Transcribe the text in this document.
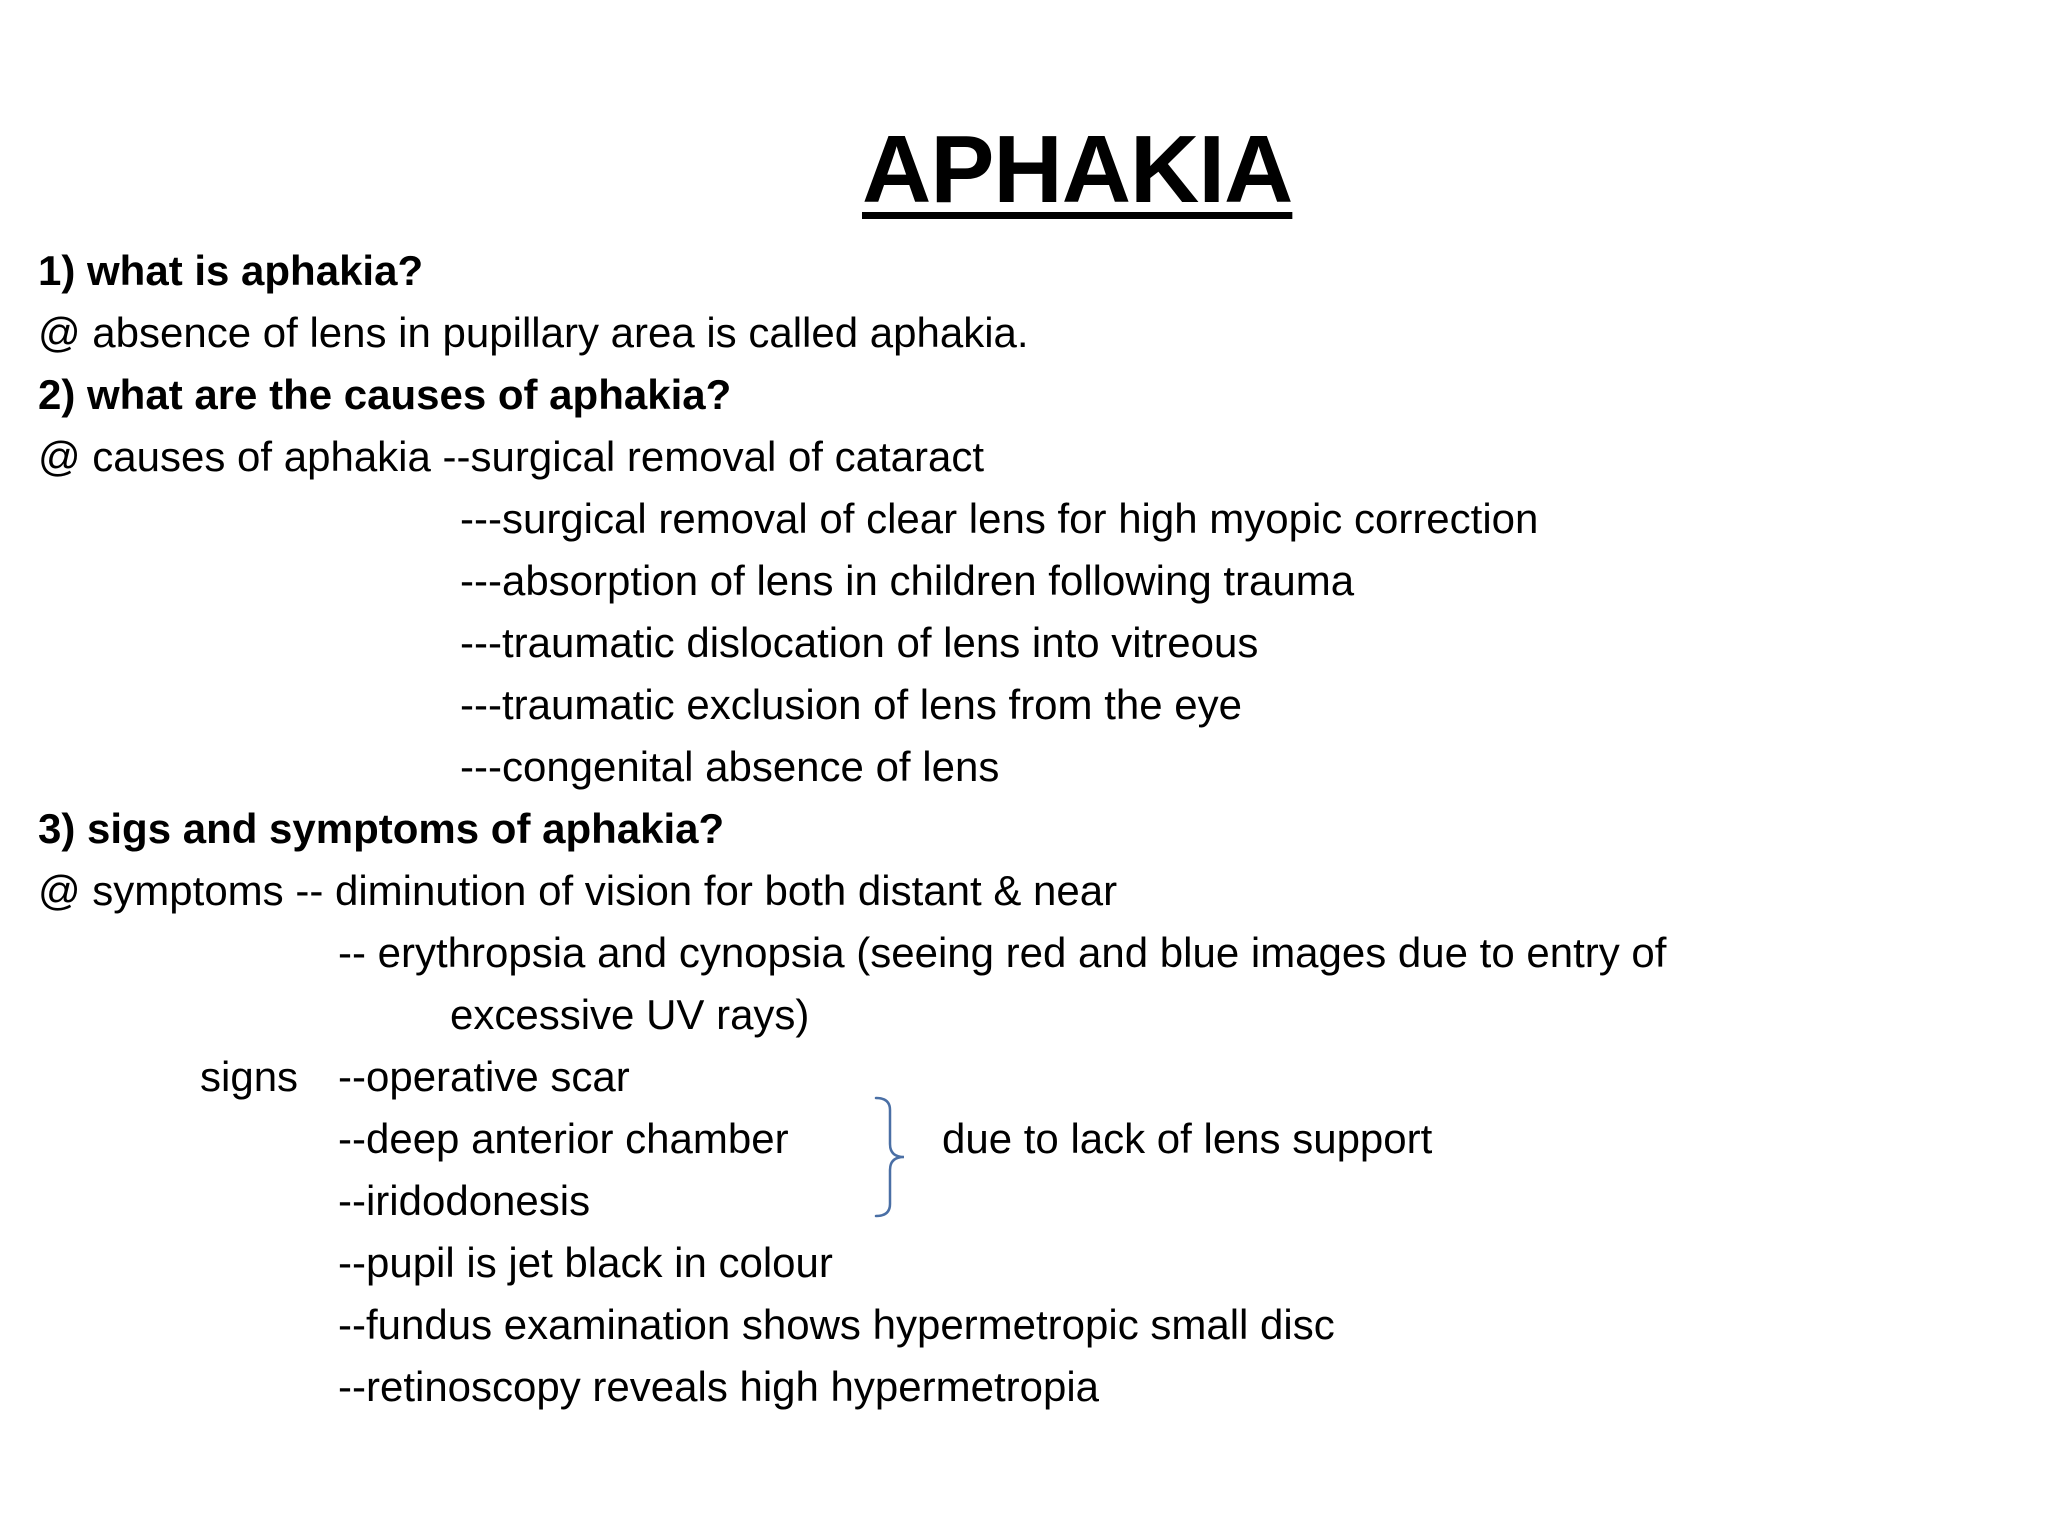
APHAKIA
1) what is aphakia?
@ absence of lens in pupillary area is called aphakia.
2) what are the causes of aphakia?
@ causes of aphakia --surgical removal of cataract
---surgical removal of clear lens for high myopic correction
---absorption of lens in children following trauma
---traumatic dislocation of lens into vitreous
---traumatic exclusion of lens from the eye
---congenital absence of lens
3) sigs and symptoms of aphakia?
@ symptoms -- diminution of vision for both distant & near
-- erythropsia and cynopsia (seeing red and blue images due to entry of
excessive UV rays)
signs --operative scar
--deep anterior chamber
--iridodonesis
--pupil is jet black in colour
--fundus examination shows hypermetropic small disc
--retinoscopy reveals high hypermetropia
due to lack of lens support
